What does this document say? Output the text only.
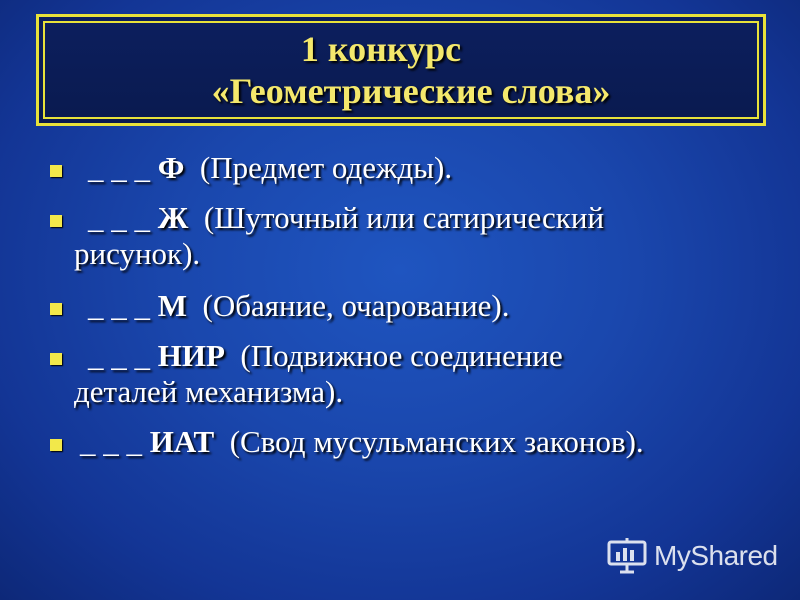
1 конкурс
«Геометрические слова»
_ _ _ Ф (Предмет одежды).
_ _ _ Ж (Шуточный или сатирический
рисунок).
_ _ _ М (Обаяние, очарование).
_ _ _ НИР (Подвижное соединение
деталей механизма).
_ _ _ ИАТ (Свод мусульманских законов).
MyShared
